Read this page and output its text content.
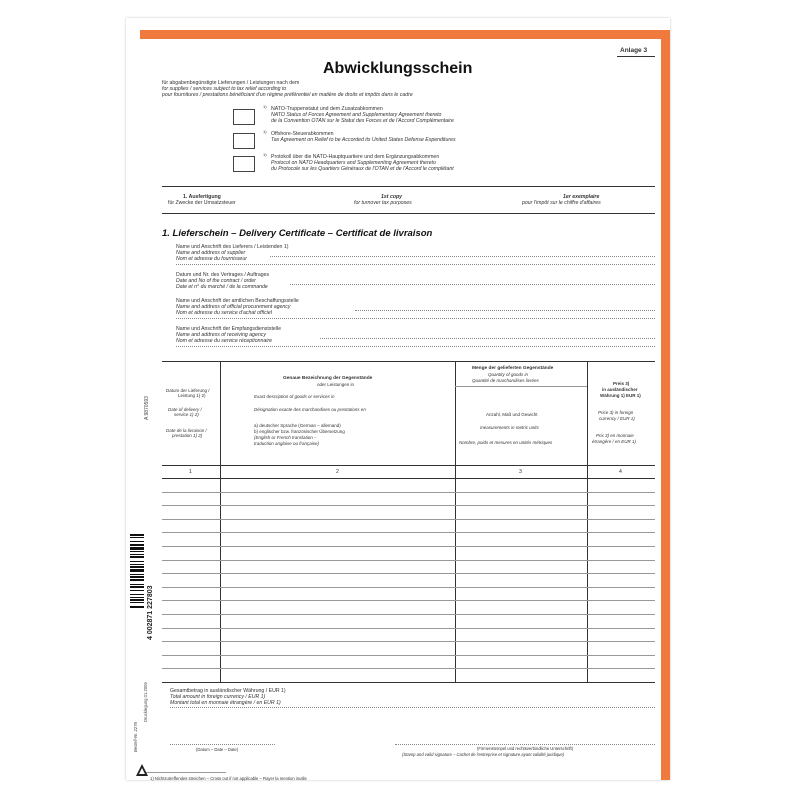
Anlage 3
Abwicklungsschein
für abgabenbegünstigte Lieferungen / Leistungen nach dem
for supplies / services subject to tax relief according to
pour fournitures / prestations bénéficiant d'un régime préférentiel en matière de droits et impôts dans le cadre
1) NATO-Truppenstatut und dem Zusatzabkommen
NATO Status of Forces Agreement and Supplementary Agreement thereto
de la Convention OTAN sur le Statut des Forces et de l'Accord Complémentaire
1) Offshore-Steuerabkommen
Tax Agreement on Relief to be Accorded its United States Defense Expenditures
1) Protokoll über die NATO-Hauptquartiere und dem Ergänzungsabkommen
Protocol on NATO Headquarters and Supplementing Agreement thereto
du Protocole sur les Quartiers Généraux de l'OTAN et de l'Accord le complétant
1. Ausfertigung
für Zwecke der Umsatzsteuer
1st copy
for turnover tax purposes
1er exemplaire
pour l'impôt sur le chiffre d'affaires
1. Lieferschein – Delivery Certificate – Certificat de livraison
Name und Anschrift des Lieferers / Leistenden 1)
Name and address of supplier
Nom et adresse du fournisseur
Datum und Nr. des Vertrages / Auftrages
Date and No of the contract / order
Date et n° du marché / de la commande
Name und Anschrift der amtlichen Beschaffungsstelle
Name and address of official procurement agency
Nom et adresse du service d'achat officiel
Name und Anschrift der Empfangsdienststelle
Name and address of receiving agency
Nom et adresse du service réceptionnaire
Datum der Lieferung /
Leistung 1) 2)
Date of delivery /
service 1) 2)
Date de la livraison /
prestation 1) 2)
Genaue Bezeichnung der Gegenstände
oder Leistungen in
Exact description of goods or services in
Désignation exacte des marchandises ou prestations en
a) deutscher Sprache (German – allemand)
b) englischer bzw. französischer Übersetzung
(English or French translation –
traduction anglaise ou française)
Menge der gelieferten Gegenstände
Quantity of goods in
Quantité de marchandises livrées
Anzahl, Maß und Gewicht
measurements in metric units
Nombre, poids et mesures en unités métriques
Preis 3)
in ausländischer
Währung 1) EUR 1)
Price 3) in foreign
currency / EUR 1)
Prix 3) en monnaie
étrangère / en EUR 1)
1	2	3	4
Gesamtbetrag in ausländischer Währung / EUR 1)
Total amount in foreign currency / EUR 1)
Montant total en monnaie étrangère / en EUR 1)
(Datum – Date – Date)	(Firmenstempel und rechtsverbindliche Unterschrift)
(Stamp and valid signature – Cachet de l'entreprise et signature ayant validité juridique)
1) Nichtzutreffendes streichen – Cross out if not applicable – Rayer la mention inutile
A 9870593
4 002871 227803
Bestell-Nr. 2278
Drucklegung 01.2006
